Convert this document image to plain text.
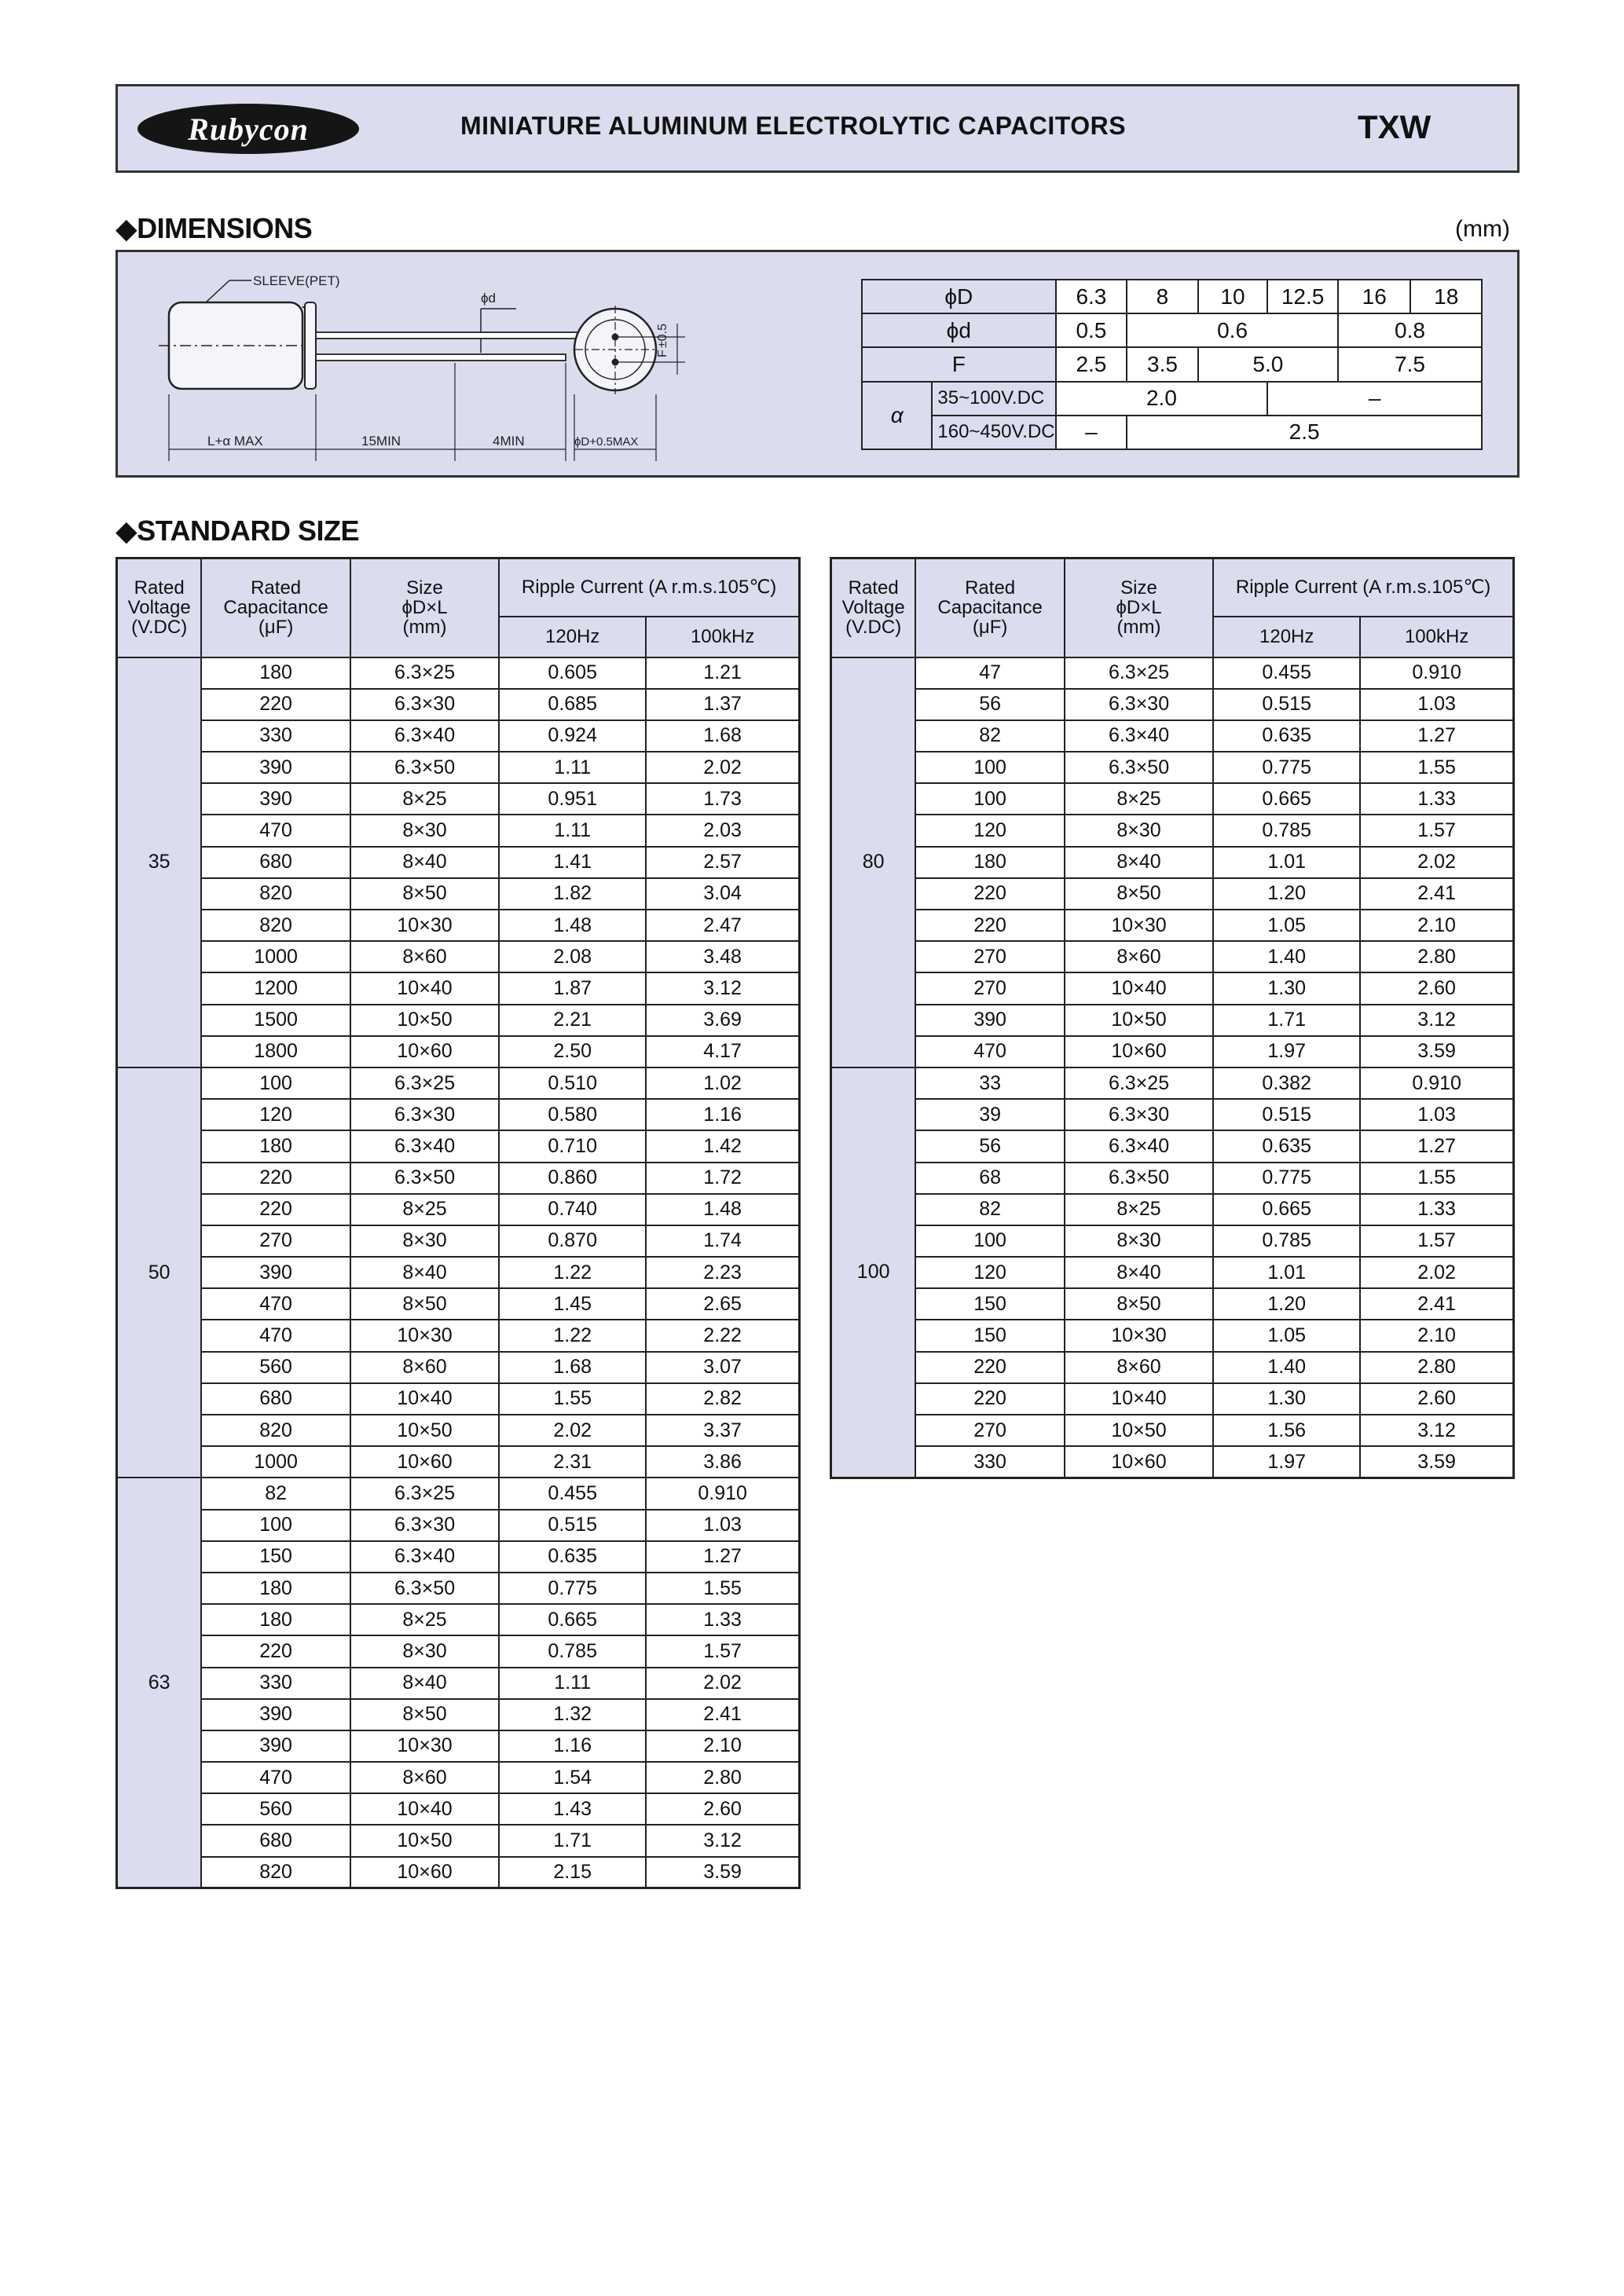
Rubycon	MINIATURE ALUMINUM ELECTROLYTIC CAPACITORS	TXW
◆DIMENSIONS	(mm)
SLEEVE(PET)
ϕd
L+α MAX	15MIN	4MIN	ϕD+0.5MAX
F
±0.5
ϕD		6.3	8	10	12.5	16	18
ϕd		0.5	0.6			0.8	
F		2.5	3.5	5.0		7.5	
α	35~100V.DC	2.0			–		
	160~450V.DC	–	2.5				
◆STANDARD SIZE
Rated
Voltage
(V.DC)	Rated
Capacitance
(μF)	Size
ϕD×L
(mm)	Ripple Current (A r.m.s.105℃)	
			120Hz	100kHz
35	180	6.3×25	0.605	1.21
	220	6.3×30	0.685	1.37
	330	6.3×40	0.924	1.68
	390	6.3×50	1.11	2.02
	390	8×25	0.951	1.73
	470	8×30	1.11	2.03
	680	8×40	1.41	2.57
	820	8×50	1.82	3.04
	820	10×30	1.48	2.47
	1000	8×60	2.08	3.48
	1200	10×40	1.87	3.12
	1500	10×50	2.21	3.69
	1800	10×60	2.50	4.17
50	100	6.3×25	0.510	1.02
	120	6.3×30	0.580	1.16
	180	6.3×40	0.710	1.42
	220	6.3×50	0.860	1.72
	220	8×25	0.740	1.48
	270	8×30	0.870	1.74
	390	8×40	1.22	2.23
	470	8×50	1.45	2.65
	470	10×30	1.22	2.22
	560	8×60	1.68	3.07
	680	10×40	1.55	2.82
	820	10×50	2.02	3.37
	1000	10×60	2.31	3.86
63	82	6.3×25	0.455	0.910
	100	6.3×30	0.515	1.03
	150	6.3×40	0.635	1.27
	180	6.3×50	0.775	1.55
	180	8×25	0.665	1.33
	220	8×30	0.785	1.57
	330	8×40	1.11	2.02
	390	8×50	1.32	2.41
	390	10×30	1.16	2.10
	470	8×60	1.54	2.80
	560	10×40	1.43	2.60
	680	10×50	1.71	3.12
	820	10×60	2.15	3.59
Rated
Voltage
(V.DC)	Rated
Capacitance
(μF)	Size
ϕD×L
(mm)	Ripple Current (A r.m.s.105℃)	
			120Hz	100kHz
80	47	6.3×25	0.455	0.910
	56	6.3×30	0.515	1.03
	82	6.3×40	0.635	1.27
	100	6.3×50	0.775	1.55
	100	8×25	0.665	1.33
	120	8×30	0.785	1.57
	180	8×40	1.01	2.02
	220	8×50	1.20	2.41
	220	10×30	1.05	2.10
	270	8×60	1.40	2.80
	270	10×40	1.30	2.60
	390	10×50	1.71	3.12
	470	10×60	1.97	3.59
100	33	6.3×25	0.382	0.910
	39	6.3×30	0.515	1.03
	56	6.3×40	0.635	1.27
	68	6.3×50	0.775	1.55
	82	8×25	0.665	1.33
	100	8×30	0.785	1.57
	120	8×40	1.01	2.02
	150	8×50	1.20	2.41
	150	10×30	1.05	2.10
	220	8×60	1.40	2.80
	220	10×40	1.30	2.60
	270	10×50	1.56	3.12
	330	10×60	1.97	3.59
